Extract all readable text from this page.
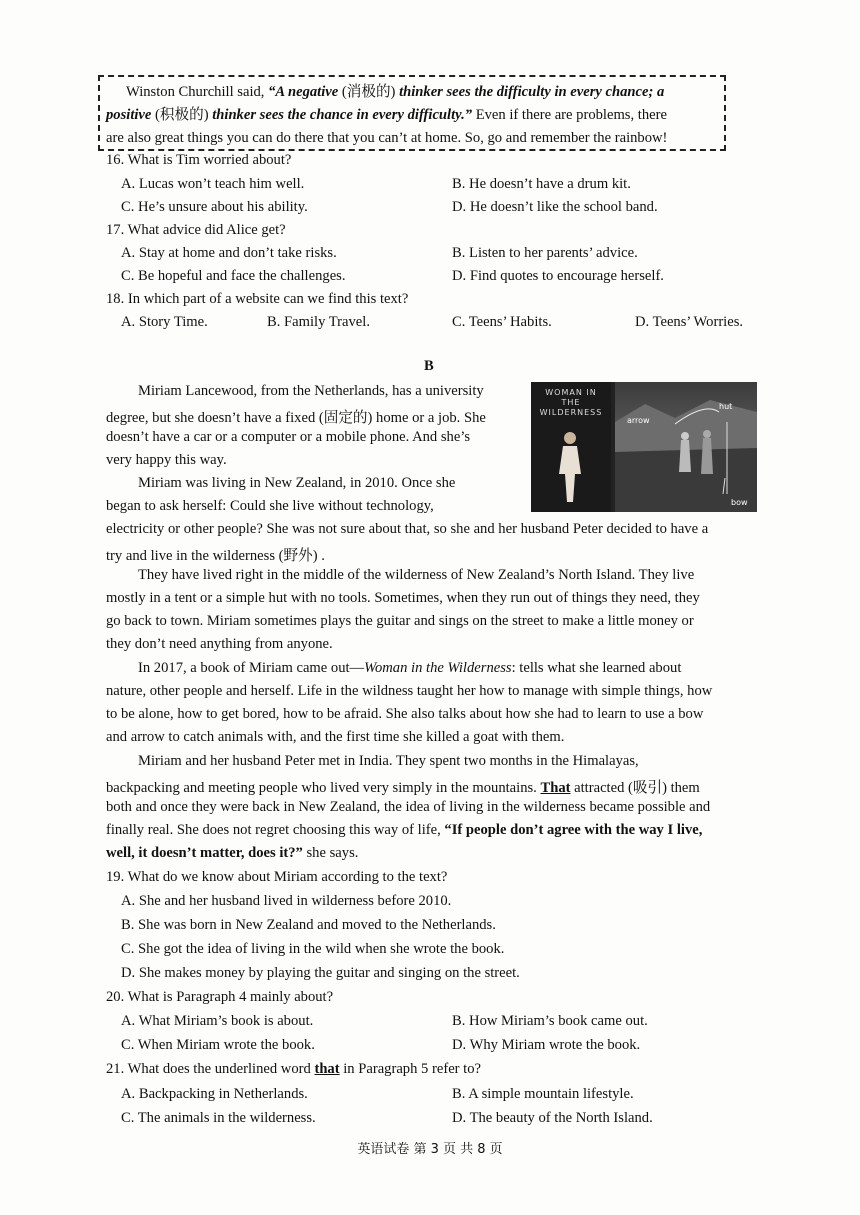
Winston Churchill said, “A negative (消极的) thinker sees the difficulty in every chance; a

positive (积极的) thinker sees the chance in every difficulty.” Even if there are problems, there

are also great things you can do there that you can’t at home. So, go and remember the rainbow!

16. What is Tim worried about?
A. Lucas won’t teach him well.	B. He doesn’t have a drum kit.
C. He’s unsure about his ability.	D. He doesn’t like the school band.
17. What advice did Alice get?
A. Stay at home and don’t take risks.	B. Listen to her parents’ advice.
C. Be hopeful and face the challenges.	D. Find quotes to encourage herself.
18. In which part of a website can we find this text?
A. Story Time.	B. Family Travel.	C. Teens’ Habits.	D. Teens’ Worries.
B
WOMAN IN THE WILDERNESS
hut
arrow
bow
Miriam Lancewood, from the Netherlands, has a university
degree, but she doesn’t have a fixed (固定的) home or a job. She
doesn’t have a car or a computer or a mobile phone. And she’s
very happy this way.
Miriam was living in New Zealand, in 2010. Once she
began to ask herself: Could she live without technology,
electricity or other people? She was not sure about that, so she and her husband Peter decided to have a
try and live in the wilderness (野外) .
They have lived right in the middle of the wilderness of New Zealand’s North Island. They live
mostly in a tent or a simple hut with no tools. Sometimes, when they run out of things they need, they
go back to town. Miriam sometimes plays the guitar and sings on the street to make a little money or
they don’t need anything from anyone.
In 2017, a book of Miriam came out—Woman in the Wilderness: tells what she learned about
nature, other people and herself. Life in the wildness taught her how to manage with simple things, how
to be alone, how to get bored, how to be afraid. She also talks about how she had to learn to use a bow
and arrow to catch animals with, and the first time she killed a goat with them.
Miriam and her husband Peter met in India. They spent two months in the Himalayas,
backpacking and meeting people who lived very simply in the mountains. That attracted (吸引) them
both and once they were back in New Zealand, the idea of living in the wilderness became possible and
finally real. She does not regret choosing this way of life, “If people don’t agree with the way I live,
well, it doesn’t matter, does it?” she says.
19. What do we know about Miriam according to the text?
A. She and her husband lived in wilderness before 2010.
B. She was born in New Zealand and moved to the Netherlands.
C. She got the idea of living in the wild when she wrote the book.
D. She makes money by playing the guitar and singing on the street.
20. What is Paragraph 4 mainly about?
A. What Miriam’s book is about.	B. How Miriam’s book came out.
C. When Miriam wrote the book.	D. Why Miriam wrote the book.
21. What does the underlined word that in Paragraph 5 refer to?
A. Backpacking in Netherlands.	B. A simple mountain lifestyle.
C. The animals in the wilderness.	D. The beauty of the North Island.
英语试卷 第 3 页 共 8 页
